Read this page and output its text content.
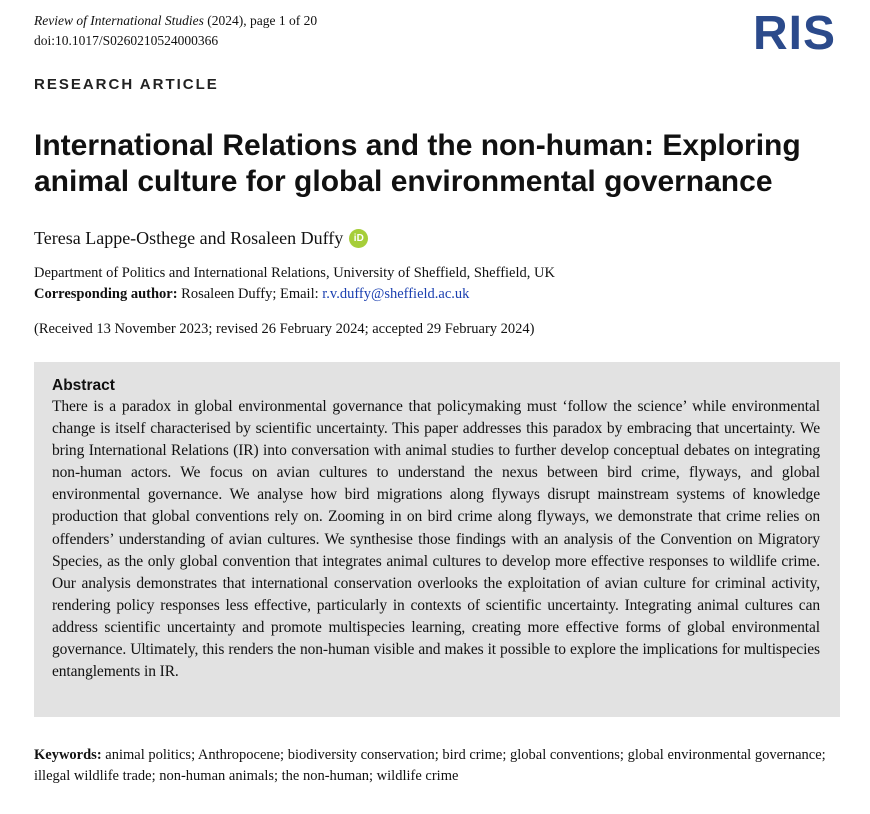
Review of International Studies (2024), page 1 of 20
doi:10.1017/S0260210524000366	RIS
RESEARCH ARTICLE
International Relations and the non-human: Exploring animal culture for global environmental governance
Teresa Lappe-Osthege and Rosaleen Duffy	iD
Department of Politics and International Relations, University of Sheffield, Sheffield, UK
Corresponding author: Rosaleen Duffy; Email: r.v.duffy@sheffield.ac.uk
(Received 13 November 2023; revised 26 February 2024; accepted 29 February 2024)
Abstract

There is a paradox in global environmental governance that policymaking must ‘follow the science’ while environmental change is itself characterised by scientific uncertainty. This paper addresses this paradox by embracing that uncertainty. We bring International Relations (IR) into conversation with animal studies to further develop conceptual debates on integrating non-human actors. We focus on avian cultures to understand the nexus between bird crime, flyways, and global environmental governance. We analyse how bird migrations along flyways disrupt mainstream systems of knowledge production that global conventions rely on. Zooming in on bird crime along flyways, we demonstrate that crime relies on offenders’ understanding of avian cultures. We synthesise those findings with an analysis of the Convention on Migratory Species, as the only global convention that integrates animal cultures to develop more effective responses to wildlife crime. Our analysis demonstrates that international conservation overlooks the exploitation of avian culture for criminal activity, rendering policy responses less effective, particularly in contexts of scientific uncertainty. Integrating animal cultures can address scientific uncertainty and promote multispecies learning, creating more effective forms of global environmental governance. Ultimately, this renders the non-human visible and makes it possible to explore the implications for multispecies entanglements in IR.

Keywords: animal politics; Anthropocene; biodiversity conservation; bird crime; global conventions; global environmental governance; illegal wildlife trade; non-human animals; the non-human; wildlife crime
